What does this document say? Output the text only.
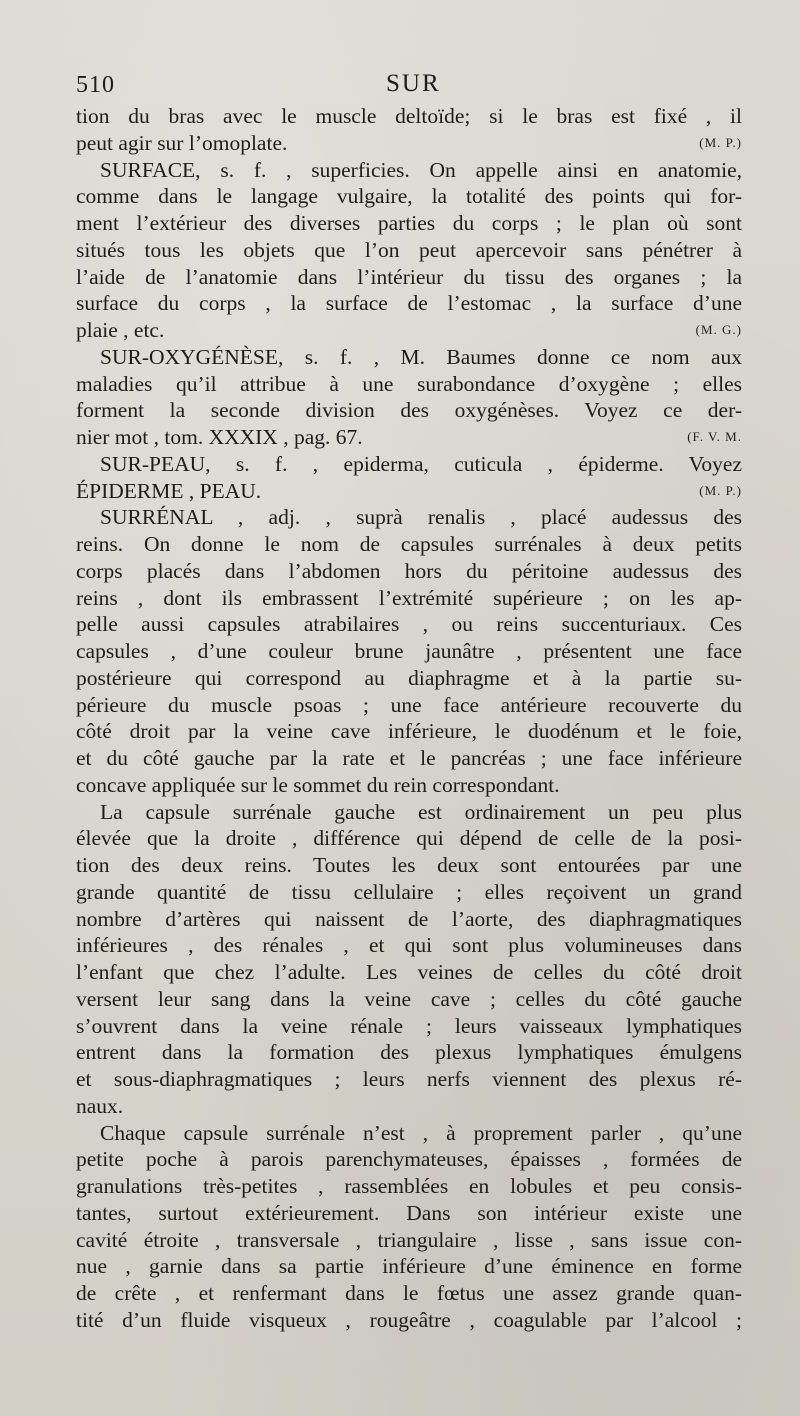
510	SUR
tion du bras avec le muscle deltoïde; si le bras est fixé , il
(M. P.)
peut agir sur l’omoplate.
SURFACE, s. f. , superficies. On appelle ainsi en anatomie,
comme dans le langage vulgaire, la totalité des points qui for-
ment l’extérieur des diverses parties du corps ; le plan où sont
situés tous les objets que l’on peut apercevoir sans pénétrer à
l’aide de l’anatomie dans l’intérieur du tissu des organes ; la
surface du corps , la surface de l’estomac , la surface d’une
(M. G.)
plaie , etc.
SUR-OXYGÉNÈSE, s. f. , M. Baumes donne ce nom aux
maladies qu’il attribue à une surabondance d’oxygène ; elles
forment la seconde division des oxygénèses. Voyez ce der-
(F. V. M.
nier mot , tom. XXXIX , pag. 67.
SUR-PEAU, s. f. , epiderma, cuticula , épiderme. Voyez
(M. P.)
ÉPIDERME , PEAU.
SURRÉNAL , adj. , suprà renalis , placé audessus des
reins. On donne le nom de capsules surrénales à deux petits
corps placés dans l’abdomen hors du péritoine audessus des
reins , dont ils embrassent l’extrémité supérieure ; on les ap-
pelle aussi capsules atrabilaires , ou reins succenturiaux. Ces
capsules , d’une couleur brune jaunâtre , présentent une face
postérieure qui correspond au diaphragme et à la partie su-
périeure du muscle psoas ; une face antérieure recouverte du
côté droit par la veine cave inférieure, le duodénum et le foie,
et du côté gauche par la rate et le pancréas ; une face inférieure
concave appliquée sur le sommet du rein correspondant.
La capsule surrénale gauche est ordinairement un peu plus
élevée que la droite , différence qui dépend de celle de la posi-
tion des deux reins. Toutes les deux sont entourées par une
grande quantité de tissu cellulaire ; elles reçoivent un grand
nombre d’artères qui naissent de l’aorte, des diaphragmatiques
inférieures , des rénales , et qui sont plus volumineuses dans
l’enfant que chez l’adulte. Les veines de celles du côté droit
versent leur sang dans la veine cave ; celles du côté gauche
s’ouvrent dans la veine rénale ; leurs vaisseaux lymphatiques
entrent dans la formation des plexus lymphatiques émulgens
et sous-diaphragmatiques ; leurs nerfs viennent des plexus ré-
naux.
Chaque capsule surrénale n’est , à proprement parler , qu’une
petite poche à parois parenchymateuses, épaisses , formées de
granulations très-petites , rassemblées en lobules et peu consis-
tantes, surtout extérieurement. Dans son intérieur existe une
cavité étroite , transversale , triangulaire , lisse , sans issue con-
nue , garnie dans sa partie inférieure d’une éminence en forme
de crête , et renfermant dans le fœtus une assez grande quan-
tité d’un fluide visqueux , rougeâtre , coagulable par l’alcool ;
